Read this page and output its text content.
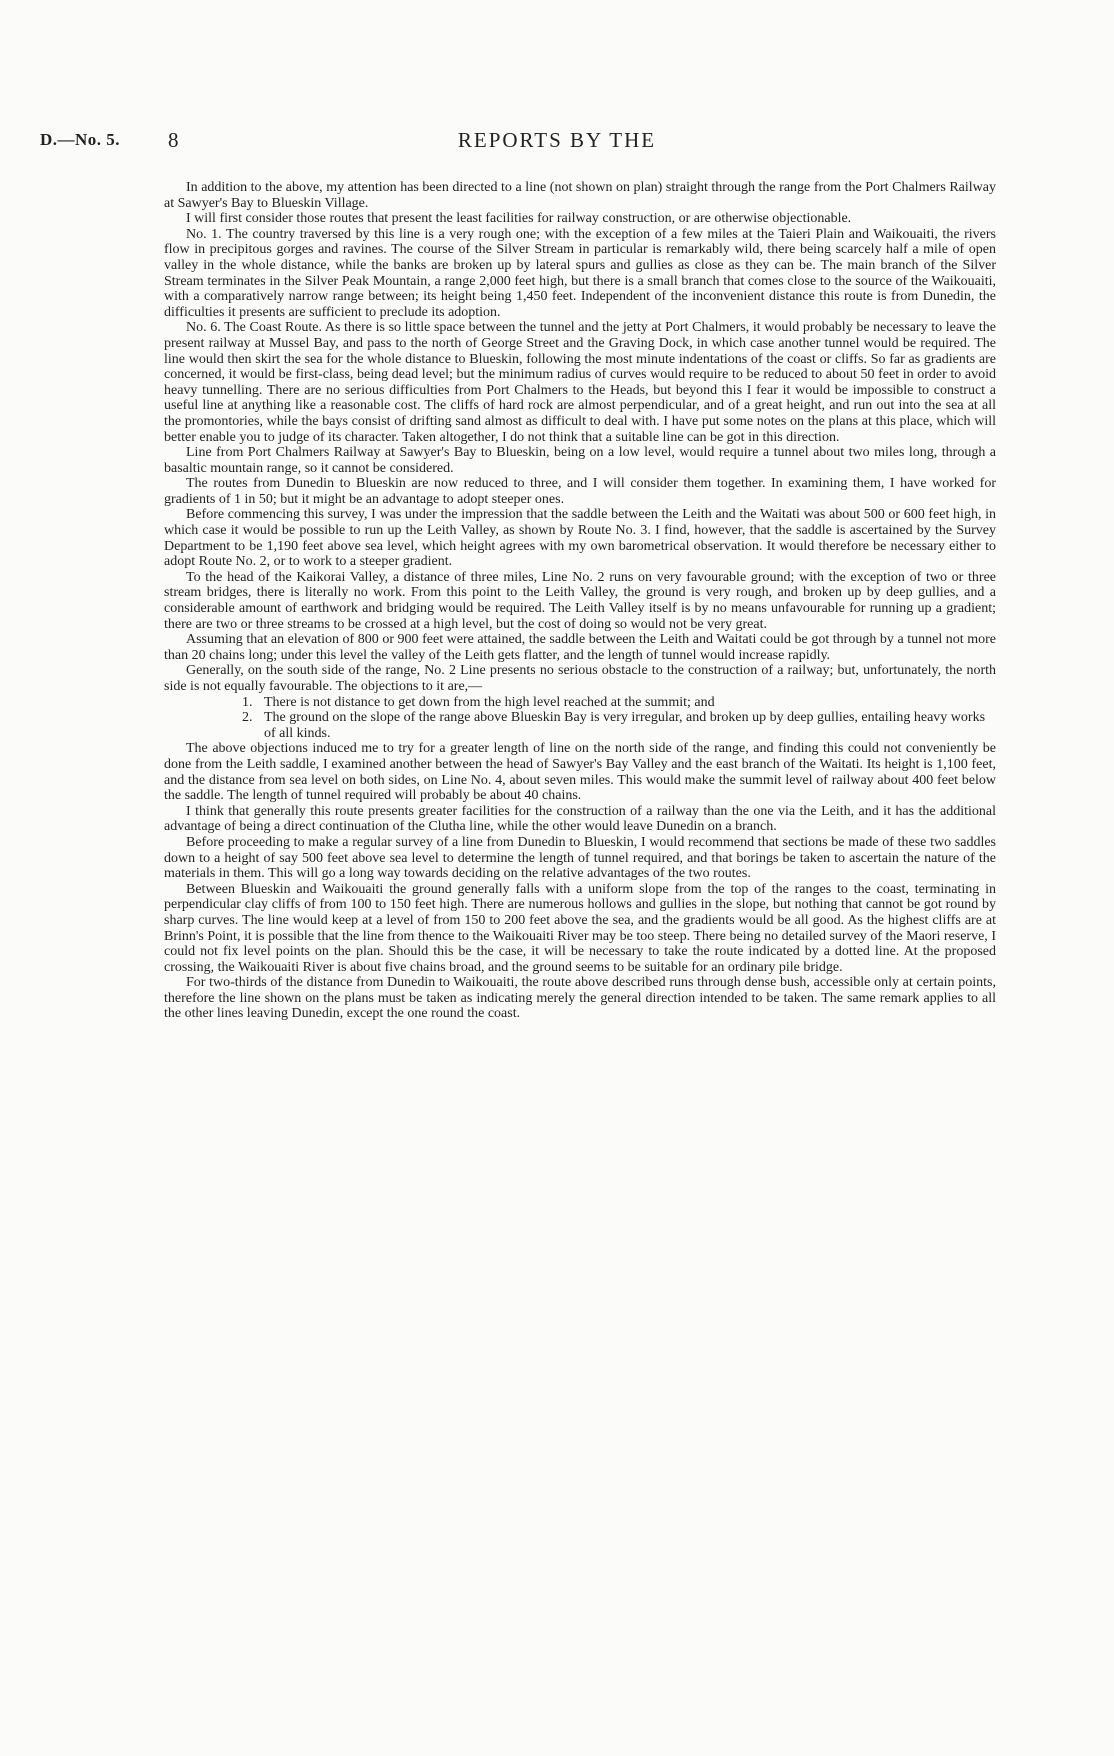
D.—No. 5. 8	REPORTS BY THE

In addition to the above, my attention has been directed to a line (not shown on plan) straight through the range from the Port Chalmers Railway at Sawyer's Bay to Blueskin Village.

I will first consider those routes that present the least facilities for railway construction, or are otherwise objectionable.

No. 1. The country traversed by this line is a very rough one; with the exception of a few miles at the Taieri Plain and Waikouaiti, the rivers flow in precipitous gorges and ravines. The course of the Silver Stream in particular is remarkably wild, there being scarcely half a mile of open valley in the whole distance, while the banks are broken up by lateral spurs and gullies as close as they can be. The main branch of the Silver Stream terminates in the Silver Peak Mountain, a range 2,000 feet high, but there is a small branch that comes close to the source of the Waikouaiti, with a comparatively narrow range between; its height being 1,450 feet. Independent of the inconvenient distance this route is from Dunedin, the difficulties it presents are sufficient to preclude its adoption.

No. 6. The Coast Route. As there is so little space between the tunnel and the jetty at Port Chalmers, it would probably be necessary to leave the present railway at Mussel Bay, and pass to the north of George Street and the Graving Dock, in which case another tunnel would be required. The line would then skirt the sea for the whole distance to Blueskin, following the most minute indentations of the coast or cliffs. So far as gradients are concerned, it would be first-class, being dead level; but the minimum radius of curves would require to be reduced to about 50 feet in order to avoid heavy tunnelling. There are no serious difficulties from Port Chalmers to the Heads, but beyond this I fear it would be impossible to construct a useful line at anything like a reasonable cost. The cliffs of hard rock are almost perpendicular, and of a great height, and run out into the sea at all the promontories, while the bays consist of drifting sand almost as difficult to deal with. I have put some notes on the plans at this place, which will better enable you to judge of its character. Taken altogether, I do not think that a suitable line can be got in this direction.

Line from Port Chalmers Railway at Sawyer's Bay to Blueskin, being on a low level, would require a tunnel about two miles long, through a basaltic mountain range, so it cannot be considered.

The routes from Dunedin to Blueskin are now reduced to three, and I will consider them together. In examining them, I have worked for gradients of 1 in 50; but it might be an advantage to adopt steeper ones.

Before commencing this survey, I was under the impression that the saddle between the Leith and the Waitati was about 500 or 600 feet high, in which case it would be possible to run up the Leith Valley, as shown by Route No. 3. I find, however, that the saddle is ascertained by the Survey Department to be 1,190 feet above sea level, which height agrees with my own barometrical observation. It would therefore be necessary either to adopt Route No. 2, or to work to a steeper gradient.

To the head of the Kaikorai Valley, a distance of three miles, Line No. 2 runs on very favourable ground; with the exception of two or three stream bridges, there is literally no work. From this point to the Leith Valley, the ground is very rough, and broken up by deep gullies, and a considerable amount of earthwork and bridging would be required. The Leith Valley itself is by no means unfavourable for running up a gradient; there are two or three streams to be crossed at a high level, but the cost of doing so would not be very great.

Assuming that an elevation of 800 or 900 feet were attained, the saddle between the Leith and Waitati could be got through by a tunnel not more than 20 chains long; under this level the valley of the Leith gets flatter, and the length of tunnel would increase rapidly.

Generally, on the south side of the range, No. 2 Line presents no serious obstacle to the construction of a railway; but, unfortunately, the north side is not equally favourable. The objections to it are,—

1. There is not distance to get down from the high level reached at the summit; and
2. The ground on the slope of the range above Blueskin Bay is very irregular, and broken up by deep gullies, entailing heavy works of all kinds.

The above objections induced me to try for a greater length of line on the north side of the range, and finding this could not conveniently be done from the Leith saddle, I examined another between the head of Sawyer's Bay Valley and the east branch of the Waitati. Its height is 1,100 feet, and the distance from sea level on both sides, on Line No. 4, about seven miles. This would make the summit level of railway about 400 feet below the saddle. The length of tunnel required will probably be about 40 chains.

I think that generally this route presents greater facilities for the construction of a railway than the one via the Leith, and it has the additional advantage of being a direct continuation of the Clutha line, while the other would leave Dunedin on a branch.

Before proceeding to make a regular survey of a line from Dunedin to Blueskin, I would recommend that sections be made of these two saddles down to a height of say 500 feet above sea level to determine the length of tunnel required, and that borings be taken to ascertain the nature of the materials in them. This will go a long way towards deciding on the relative advantages of the two routes.

Between Blueskin and Waikouaiti the ground generally falls with a uniform slope from the top of the ranges to the coast, terminating in perpendicular clay cliffs of from 100 to 150 feet high. There are numerous hollows and gullies in the slope, but nothing that cannot be got round by sharp curves. The line would keep at a level of from 150 to 200 feet above the sea, and the gradients would be all good. As the highest cliffs are at Brinn's Point, it is possible that the line from thence to the Waikouaiti River may be too steep. There being no detailed survey of the Maori reserve, I could not fix level points on the plan. Should this be the case, it will be necessary to take the route indicated by a dotted line. At the proposed crossing, the Waikouaiti River is about five chains broad, and the ground seems to be suitable for an ordinary pile bridge.

For two-thirds of the distance from Dunedin to Waikouaiti, the route above described runs through dense bush, accessible only at certain points, therefore the line shown on the plans must be taken as indicating merely the general direction intended to be taken. The same remark applies to all the other lines leaving Dunedin, except the one round the coast.
